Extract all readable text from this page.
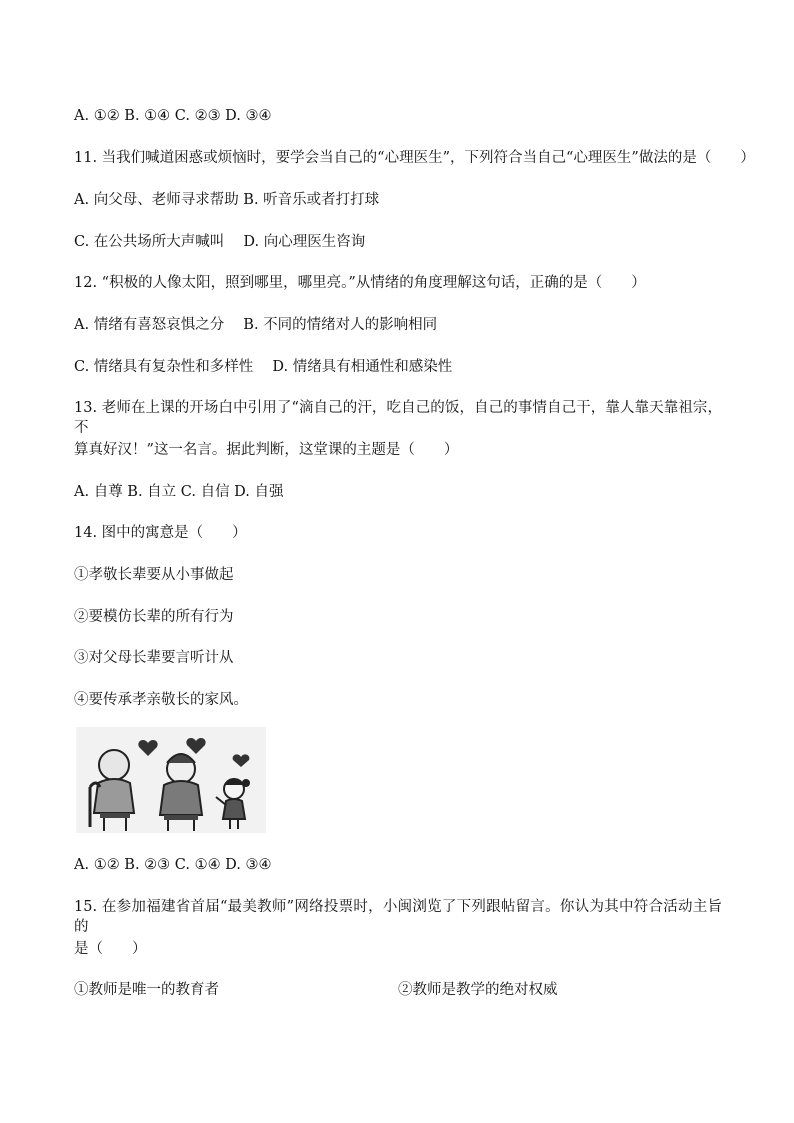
A. ①② B. ①④ C. ②③ D. ③④
11. 当我们喊道困惑或烦恼时，要学会当自己的“心理医生”，下列符合当自己“心理医生”做法的是（　　）
A. 向父母、老师寻求帮助 B. 听音乐或者打打球
C. 在公共场所大声喊叫　 D. 向心理医生咨询
12. “积极的人像太阳，照到哪里，哪里亮。”从情绪的角度理解这句话，正确的是（　　）
A. 情绪有喜怒哀惧之分　 B. 不同的情绪对人的影响相同
C. 情绪具有复杂性和多样性　 D. 情绪具有相通性和感染性
13. 老师在上课的开场白中引用了“滴自己的汗，吃自己的饭，自己的事情自己干，靠人靠天靠祖宗，不
算真好汉！”这一名言。据此判断，这堂课的主题是（　　）
A. 自尊 B. 自立 C. 自信 D. 自强
14. 图中的寓意是（　　）
①孝敬长辈要从小事做起
②要模仿长辈的所有行为
③对父母长辈要言听计从
④要传承孝亲敬长的家风。
A. ①② B. ②③ C. ①④ D. ③④
15. 在参加福建省首届“最美教师”网络投票时，小闽浏览了下列跟帖留言。你认为其中符合活动主旨的
是（　　）
①教师是唯一的教育者	②教师是教学的绝对权威
